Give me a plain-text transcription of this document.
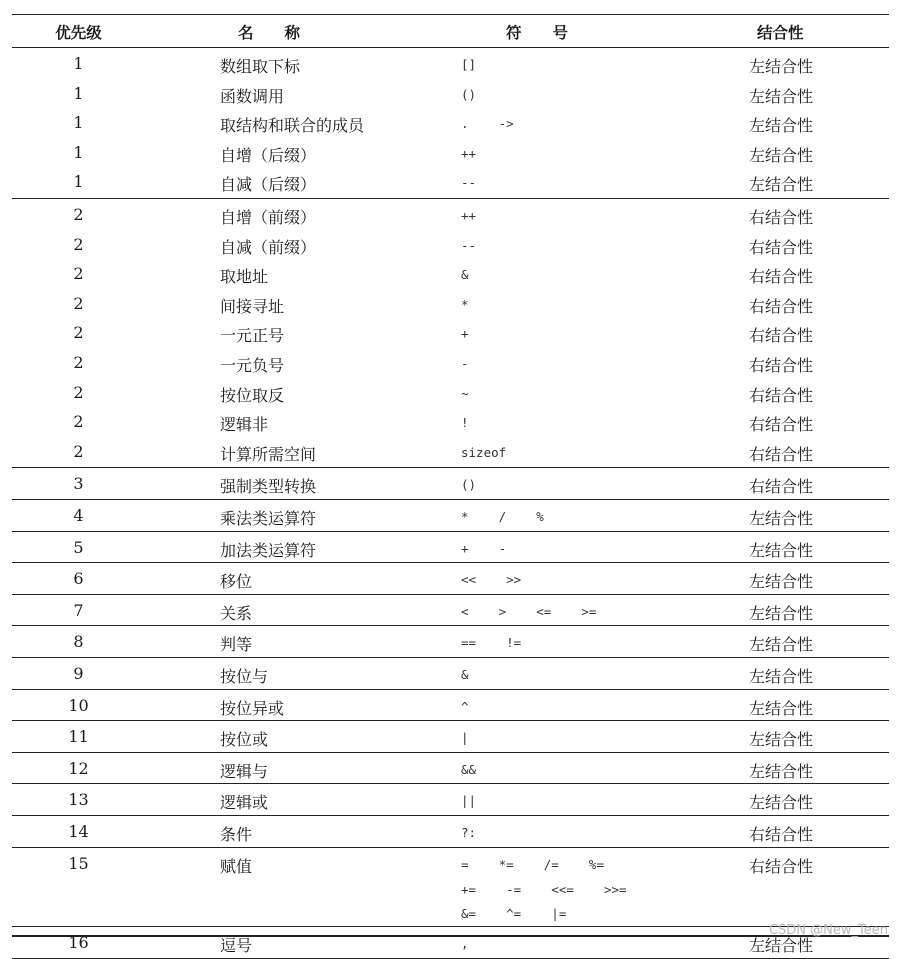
优先级	名　　称	符　　号	结合性
1	数组取下标	[]	左结合性
1	函数调用	()	左结合性
1	取结构和联合的成员	.    ->	左结合性
1	自增（后缀）	++	左结合性
1	自减（后缀）	--	左结合性
2	自增（前缀）	++	右结合性
2	自减（前缀）	--	右结合性
2	取地址	&	右结合性
2	间接寻址	*	右结合性
2	一元正号	+	右结合性
2	一元负号	-	右结合性
2	按位取反	~	右结合性
2	逻辑非	!	右结合性
2	计算所需空间	sizeof	右结合性
3	强制类型转换	()	右结合性
4	乘法类运算符	*    /    %	左结合性
5	加法类运算符	+    -	左结合性
6	移位	<<    >>	左结合性
7	关系	<    >    <=    >=	左结合性
8	判等	==    !=	左结合性
9	按位与	&	左结合性
10	按位异或	^	左结合性
11	按位或	|	左结合性
12	逻辑与	&&	左结合性
13	逻辑或	||	左结合性
14	条件	?:	右结合性
15	赋值	=    *=    /=    %=	右结合性
+=    -=    <<=    >>=
&=    ^=    |=
16	逗号	,	左结合性
CSDN @New_Teen
